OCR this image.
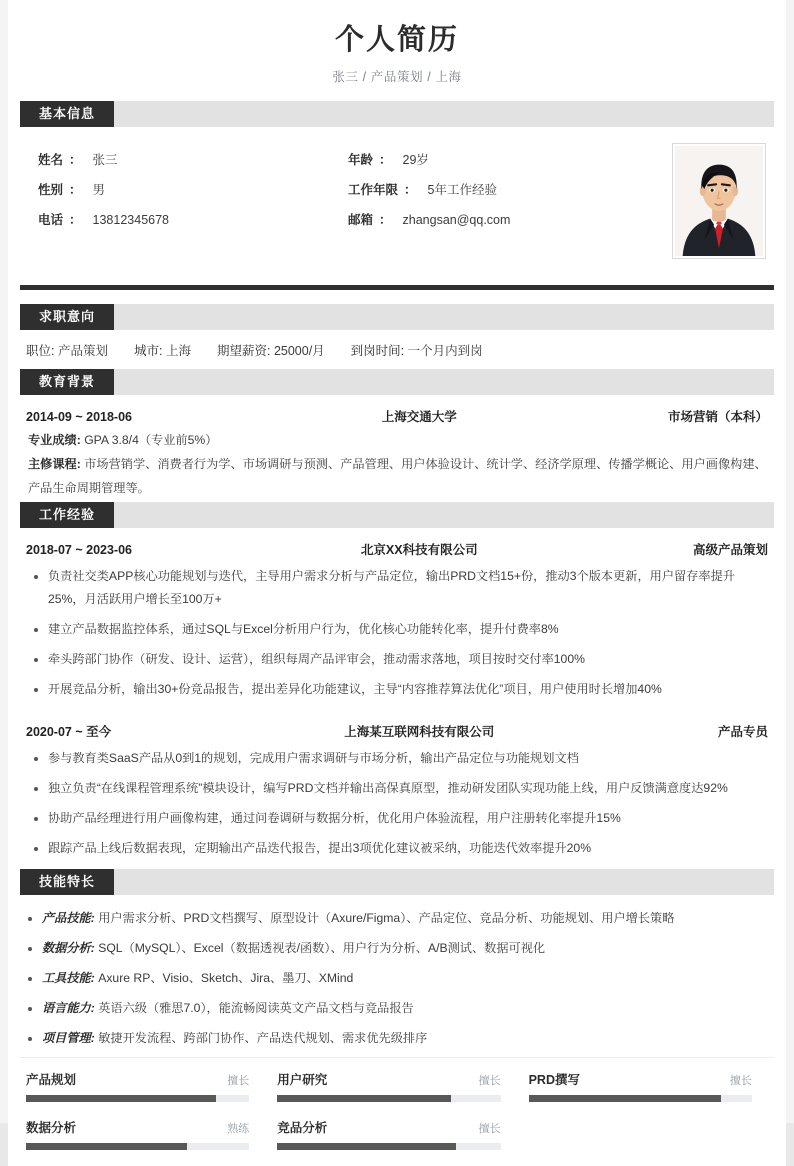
个人简历
张三 / 产品策划 / 上海
基本信息
姓名 ： 张三	年龄 ： 29岁
性别 ： 男	工作年限 ： 5年工作经验
电话 ： 13812345678	邮箱 ： zhangsan@qq.com
求职意向
职位: 产品策划 城市: 上海 期望薪资: 25000/月 到岗时间: 一个月内到岗
教育背景
2014-09 ~ 2018-06	上海交通大学	市场营销（本科）
专业成绩: GPA 3.8/4（专业前5%）
主修课程: 市场营销学、消费者行为学、市场调研与预测、产品管理、用户体验设计、统计学、经济学原理、传播学概论、用户画像构建、产品生命周期管理等。
工作经验
2018-07 ~ 2023-06	北京XX科技有限公司	高级产品策划
负责社交类APP核心功能规划与迭代，主导用户需求分析与产品定位，输出PRD文档15+份，推动3个版本更新，用户留存率提升25%，月活跃用户增长至100万+
建立产品数据监控体系，通过SQL与Excel分析用户行为，优化核心功能转化率，提升付费率8%
牵头跨部门协作（研发、设计、运营），组织每周产品评审会，推动需求落地，项目按时交付率100%
开展竞品分析，输出30+份竞品报告，提出差异化功能建议，主导“内容推荐算法优化”项目，用户使用时长增加40%
2020-07 ~ 至今	上海某互联网科技有限公司	产品专员
参与教育类SaaS产品从0到1的规划，完成用户需求调研与市场分析，输出产品定位与功能规划文档
独立负责“在线课程管理系统”模块设计，编写PRD文档并输出高保真原型，推动研发团队实现功能上线，用户反馈满意度达92%
协助产品经理进行用户画像构建，通过问卷调研与数据分析，优化用户体验流程，用户注册转化率提升15%
跟踪产品上线后数据表现，定期输出产品迭代报告，提出3项优化建议被采纳，功能迭代效率提升20%
技能特长
产品技能: 用户需求分析、PRD文档撰写、原型设计（Axure/Figma）、产品定位、竞品分析、功能规划、用户增长策略
数据分析: SQL（MySQL）、Excel（数据透视表/函数）、用户行为分析、A/B测试、数据可视化
工具技能: Axure RP、Visio、Sketch、Jira、墨刀、XMind
语言能力: 英语六级（雅思7.0），能流畅阅读英文产品文档与竞品报告
项目管理: 敏捷开发流程、跨部门协作、产品迭代规划、需求优先级排序
产品规划	擅长 用户研究	擅长 PRD撰写	擅长
数据分析	熟练 竞品分析	擅长
